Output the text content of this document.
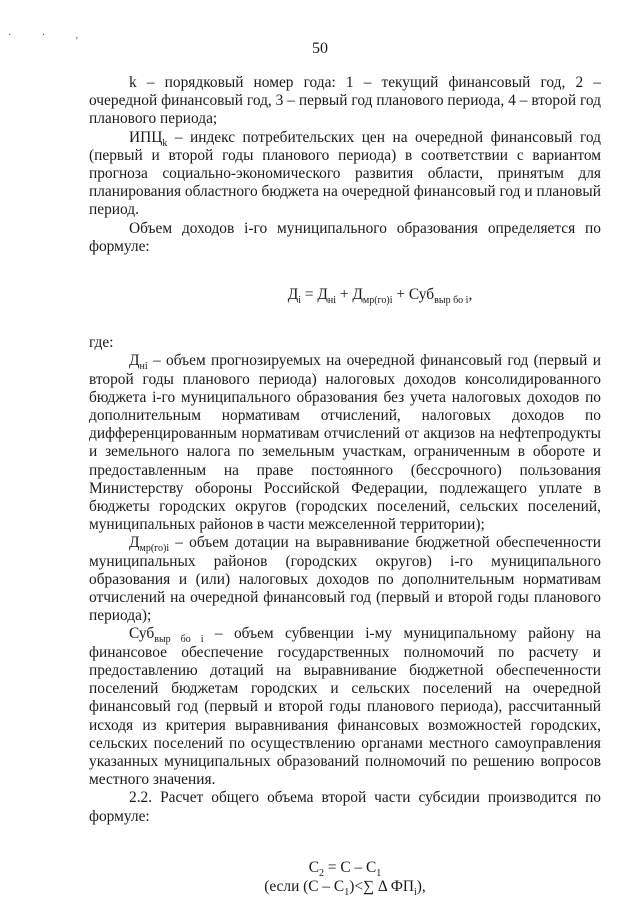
· · ,
50

k – порядковый номер года: 1 – текущий финансовый год, 2 – очередной финансовый год, 3 – первый год планового периода, 4 – второй год планового периода;

$ИПЦ_k$ – индекс потребительских цен на очередной финансовый год (первый и второй годы планового периода) в соответствии с вариантом прогноза социально-экономического развития области, принятым для планирования областного бюджета на очередной финансовый год и плановый период.

Объем доходов i-го муниципального образования определяется по формуле:

$Д_i = Д_{нi} + Д_{мр(го)i} + Суб_{выр бо i}$,

где:

$Д_{нi}$ – объем прогнозируемых на очередной финансовый год (первый и второй годы планового периода) налоговых доходов консолидированного бюджета i-го муниципального образования без учета налоговых доходов по дополнительным нормативам отчислений, налоговых доходов по дифференцированным нормативам отчислений от акцизов на нефтепродукты и земельного налога по земельным участкам, ограниченным в обороте и предоставленным на праве постоянного (бессрочного) пользования Министерству обороны Российской Федерации, подлежащего уплате в бюджеты городских округов (городских поселений, сельских поселений, муниципальных районов в части межселенной территории);

$Д_{мр(го)i}$ – объем дотации на выравнивание бюджетной обеспеченности муниципальных районов (городских округов) i-го муниципального образования и (или) налоговых доходов по дополнительным нормативам отчислений на очередной финансовый год (первый и второй годы планового периода);

Суб$_{выр бо i}$ – объем субвенции i-му муниципальному району на финансовое обеспечение государственных полномочий по расчету и предоставлению дотаций на выравнивание бюджетной обеспеченности поселений бюджетам городских и сельских поселений на очередной финансовый год (первый и второй годы планового периода), рассчитанный исходя из критерия выравнивания финансовых возможностей городских, сельских поселений по осуществлению органами местного самоуправления указанных муниципальных образований полномочий по решению вопросов местного значения.

2.2. Расчет общего объема второй части субсидии производится по формуле:

$С_2 = С - С_1$
(если $(С - С_1)<\sum$ Δ $ФП_i$),
